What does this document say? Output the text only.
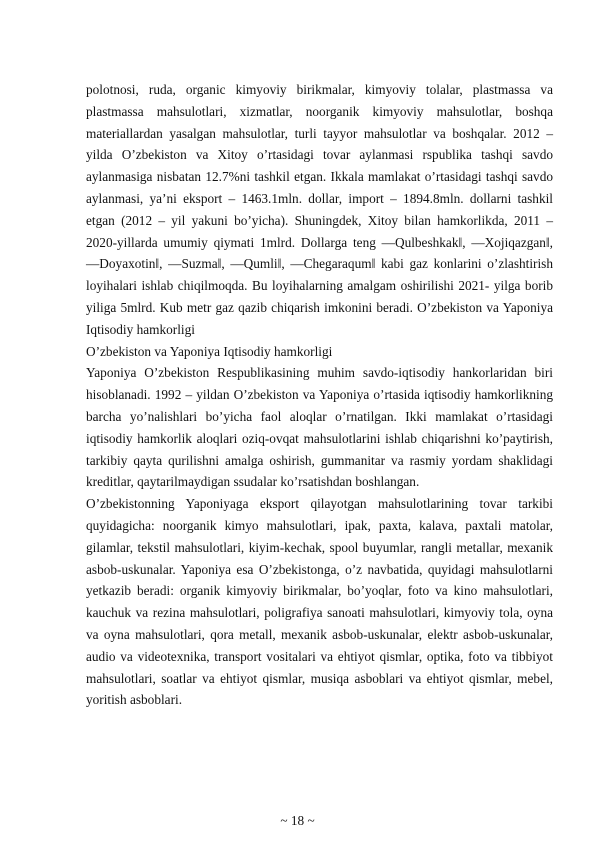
polotnosi, ruda, organic kimyoviy birikmalar, kimyoviy tolalar, plastmassa va plastmassa mahsulotlari, xizmatlar, noorganik kimyoviy mahsulotlar, boshqa materiallardan yasalgan mahsulotlar, turli tayyor mahsulotlar va boshqalar. 2012 – yilda O’zbekiston va Xitoy o’rtasidagi tovar aylanmasi rspublika tashqi savdo aylanmasiga nisbatan 12.7%ni tashkil etgan. Ikkala mamlakat o’rtasidagi tashqi savdo aylanmasi, ya’ni eksport – 1463.1mln. dollar, import – 1894.8mln. dollarni tashkil etgan (2012 – yil yakuni bo’yicha). Shuningdek, Xitoy bilan hamkorlikda, 2011 – 2020-yillarda umumiy qiymati 1mlrd. Dollarga teng ―Qulbeshkak‖, ―Xojiqazgan‖, ―Doyaxotin‖, ―Suzma‖, ―Qumli‖, ―Chegaraqum‖ kabi gaz konlarini o’zlashtirish loyihalari ishlab chiqilmoqda. Bu loyihalarning amalgam oshirilishi 2021- yilga borib yiliga 5mlrd. Kub metr gaz qazib chiqarish imkonini beradi. O’zbekiston va Yaponiya Iqtisodiy hamkorligi

O’zbekiston va Yaponiya Iqtisodiy hamkorligi

Yaponiya O’zbekiston Respublikasining muhim savdo-iqtisodiy hankorlaridan biri hisoblanadi. 1992 – yildan O’zbekiston va Yaponiya o’rtasida iqtisodiy hamkorlikning barcha yo’nalishlari bo’yicha faol aloqlar o’rnatilgan. Ikki mamlakat o’rtasidagi iqtisodiy hamkorlik aloqlari oziq-ovqat mahsulotlarini ishlab chiqarishni ko’paytirish, tarkibiy qayta qurilishni amalga oshirish, gummanitar va rasmiy yordam shaklidagi kreditlar, qaytarilmaydigan ssudalar ko’rsatishdan boshlangan.

O’zbekistonning Yaponiyaga eksport qilayotgan mahsulotlarining tovar tarkibi quyidagicha: noorganik kimyo mahsulotlari, ipak, paxta, kalava, paxtali matolar, gilamlar, tekstil mahsulotlari, kiyim-kechak, spool buyumlar, rangli metallar, mexanik asbob-uskunalar. Yaponiya esa O’zbekistonga, o’z navbatida, quyidagi mahsulotlarni yetkazib beradi: organik kimyoviy birikmalar, bo’yoqlar, foto va kino mahsulotlari, kauchuk va rezina mahsulotlari, poligrafiya sanoati mahsulotlari, kimyoviy tola, oyna va oyna mahsulotlari, qora metall, mexanik asbob-uskunalar, elektr asbob-uskunalar, audio va videotexnika, transport vositalari va ehtiyot qismlar, optika, foto va tibbiyot mahsulotlari, soatlar va ehtiyot qismlar, musiqa asboblari va ehtiyot qismlar, mebel, yoritish asboblari.

~ 18 ~
